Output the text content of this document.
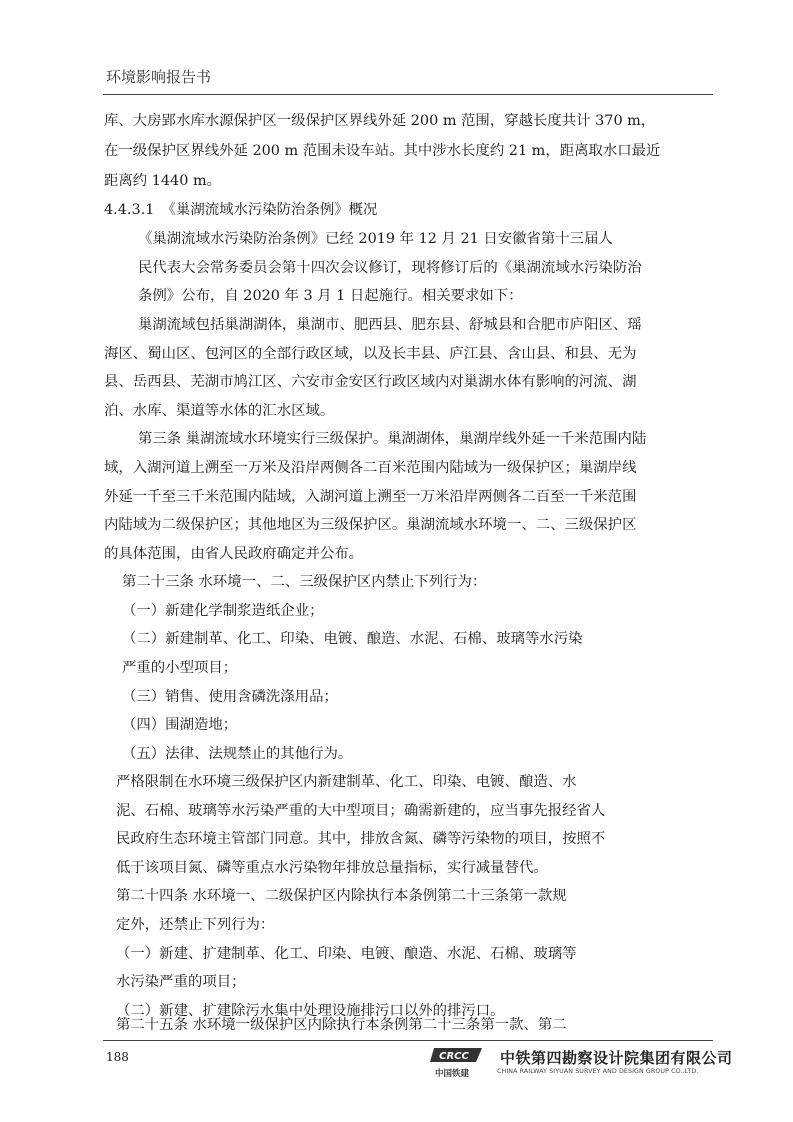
环境影响报告书
库、大房郢水库水源保护区一级保护区界线外延 200 m 范围，穿越长度共计 370 m，
在一级保护区界线外延 200 m 范围未设车站。其中涉水长度约 21 m，距离取水口最近
距离约 1440 m。
4.4.3.1　《巢湖流域水污染防治条例》概况
《巢湖流域水污染防治条例》已经 2019 年 12 月 21 日安徽省第十三届人
民代表大会常务委员会第十四次会议修订，现将修订后的《巢湖流域水污染防治
条例》公布，自 2020 年 3 月 1 日起施行。相关要求如下：
巢湖流域包括巢湖湖体，巢湖市、肥西县、肥东县、舒城县和合肥市庐阳区、瑶
海区、蜀山区、包河区的全部行政区域，以及长丰县、庐江县、含山县、和县、无为
县、岳西县、芜湖市鸠江区、六安市金安区行政区域内对巢湖水体有影响的河流、湖
泊、水库、渠道等水体的汇水区域。
第三条 巢湖流域水环境实行三级保护。巢湖湖体，巢湖岸线外延一千米范围内陆
域，入湖河道上溯至一万米及沿岸两侧各二百米范围内陆域为一级保护区；巢湖岸线
外延一千至三千米范围内陆域，入湖河道上溯至一万米沿岸两侧各二百至一千米范围
内陆域为二级保护区；其他地区为三级保护区。巢湖流域水环境一、二、三级保护区
的具体范围，由省人民政府确定并公布。
第二十三条 水环境一、二、三级保护区内禁止下列行为：
（一）新建化学制浆造纸企业；
（二）新建制革、化工、印染、电镀、酿造、水泥、石棉、玻璃等水污染
严重的小型项目；
（三）销售、使用含磷洗涤用品；
（四）围湖造地；
（五）法律、法规禁止的其他行为。
严格限制在水环境三级保护区内新建制革、化工、印染、电镀、酿造、水
泥、石棉、玻璃等水污染严重的大中型项目；确需新建的，应当事先报经省人
民政府生态环境主管部门同意。其中，排放含氮、磷等污染物的项目，按照不
低于该项目氮、磷等重点水污染物年排放总量指标，实行减量替代。
第二十四条 水环境一、二级保护区内除执行本条例第二十三条第一款规
定外，还禁止下列行为：
（一）新建、扩建制革、化工、印染、电镀、酿造、水泥、石棉、玻璃等
水污染严重的项目；
（二）新建、扩建除污水集中处理设施排污口以外的排污口。
第二十五条 水环境一级保护区内除执行本条例第二十三条第一款、第二
188	CRCC
中国铁建
中铁第四勘察设计院集团有限公司
CHINA RAILWAY SIYUAN SURVEY AND DESIGN GROUP CO.,LTD.
